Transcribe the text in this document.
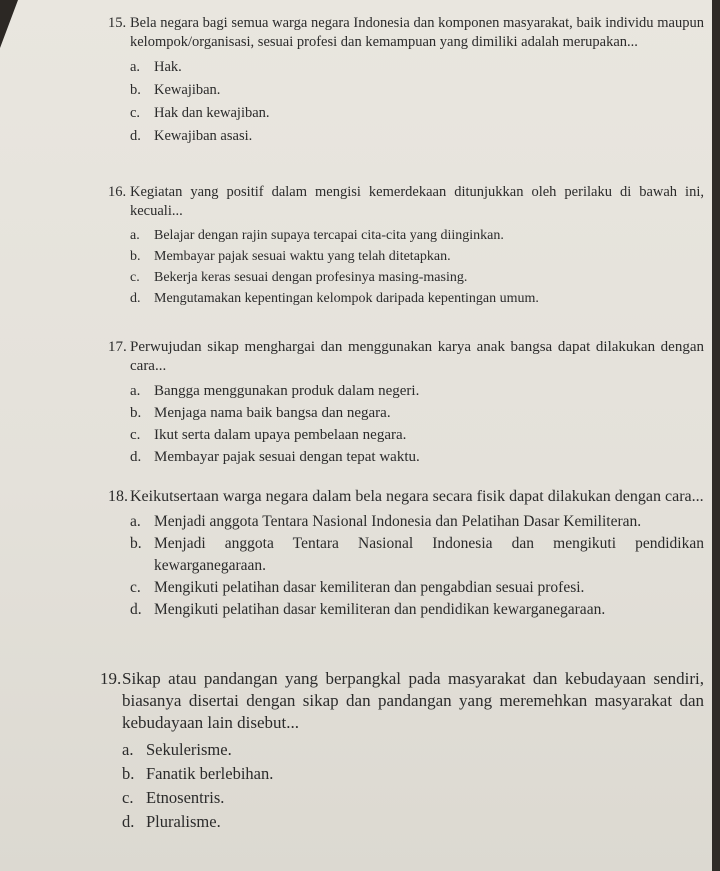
15. Bela negara bagi semua warga negara Indonesia dan komponen masyarakat, baik individu maupun kelompok/organisasi, sesuai profesi dan kemampuan yang dimiliki adalah merupakan...
a. Hak.
b. Kewajiban.
c. Hak dan kewajiban.
d. Kewajiban asasi.
16. Kegiatan yang positif dalam mengisi kemerdekaan ditunjukkan oleh perilaku di bawah ini, kecuali...
a. Belajar dengan rajin supaya tercapai cita-cita yang diinginkan.
b. Membayar pajak sesuai waktu yang telah ditetapkan.
c. Bekerja keras sesuai dengan profesinya masing-masing.
d. Mengutamakan kepentingan kelompok daripada kepentingan umum.
17. Perwujudan sikap menghargai dan menggunakan karya anak bangsa dapat dilakukan dengan cara...
a. Bangga menggunakan produk dalam negeri.
b. Menjaga nama baik bangsa dan negara.
c. Ikut serta dalam upaya pembelaan negara.
d. Membayar pajak sesuai dengan tepat waktu.
18. Keikutsertaan warga negara dalam bela negara secara fisik dapat dilakukan dengan cara...
a. Menjadi anggota Tentara Nasional Indonesia dan Pelatihan Dasar Kemiliteran.
b. Menjadi anggota Tentara Nasional Indonesia dan mengikuti pendidikan kewarganegaraan.
c. Mengikuti pelatihan dasar kemiliteran dan pengabdian sesuai profesi.
d. Mengikuti pelatihan dasar kemiliteran dan pendidikan kewarganegaraan.
19. Sikap atau pandangan yang berpangkal pada masyarakat dan kebudayaan sendiri, biasanya disertai dengan sikap dan pandangan yang meremehkan masyarakat dan kebudayaan lain disebut...
a. Sekulerisme.
b. Fanatik berlebihan.
c. Etnosentris.
d. Pluralisme.
